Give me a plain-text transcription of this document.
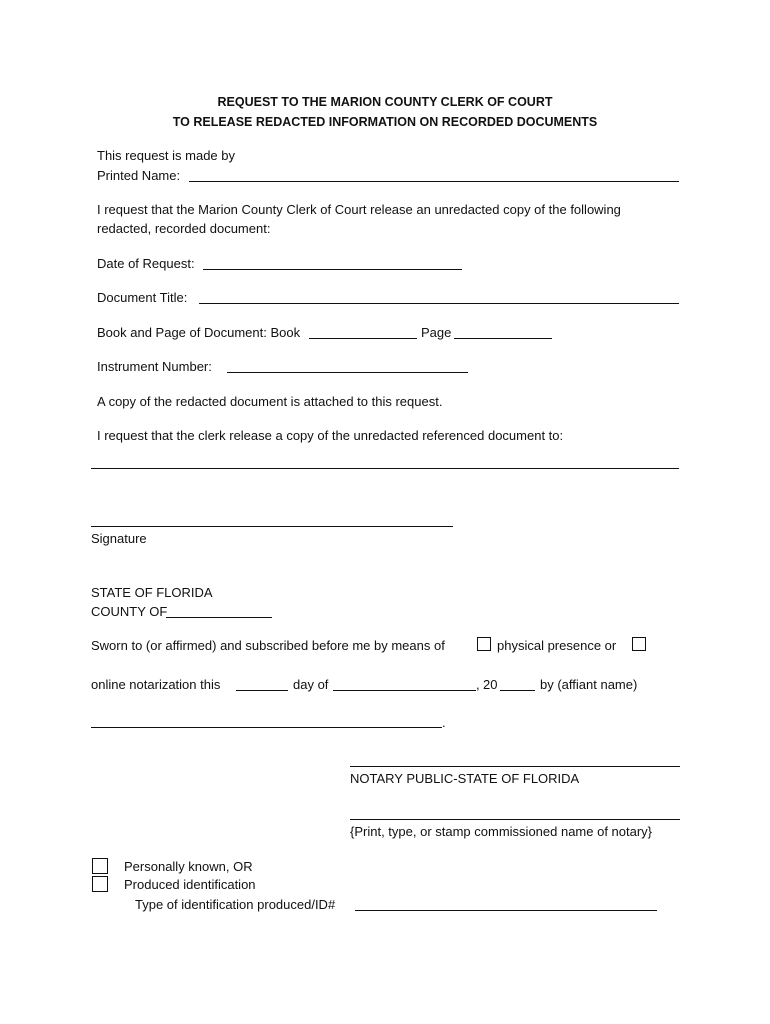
REQUEST TO THE MARION COUNTY CLERK OF COURT
TO RELEASE REDACTED INFORMATION ON RECORDED DOCUMENTS
This request is made by
Printed Name:
I request that the Marion County Clerk of Court release an unredacted copy of the following
redacted, recorded document:
Date of Request:
Document Title:
Book and Page of Document: Book	Page
Instrument Number:
A copy of the redacted document is attached to this request.
I request that the clerk release a copy of the unredacted referenced document to:
Signature
STATE OF FLORIDA
COUNTY OF
Sworn to (or affirmed) and subscribed before me by means of	physical presence or
online notarization this	day of	, 20	by (affiant name)
.
NOTARY PUBLIC-STATE OF FLORIDA
{Print, type, or stamp commissioned name of notary}
Personally known, OR
Produced identification
Type of identification produced/ID#
